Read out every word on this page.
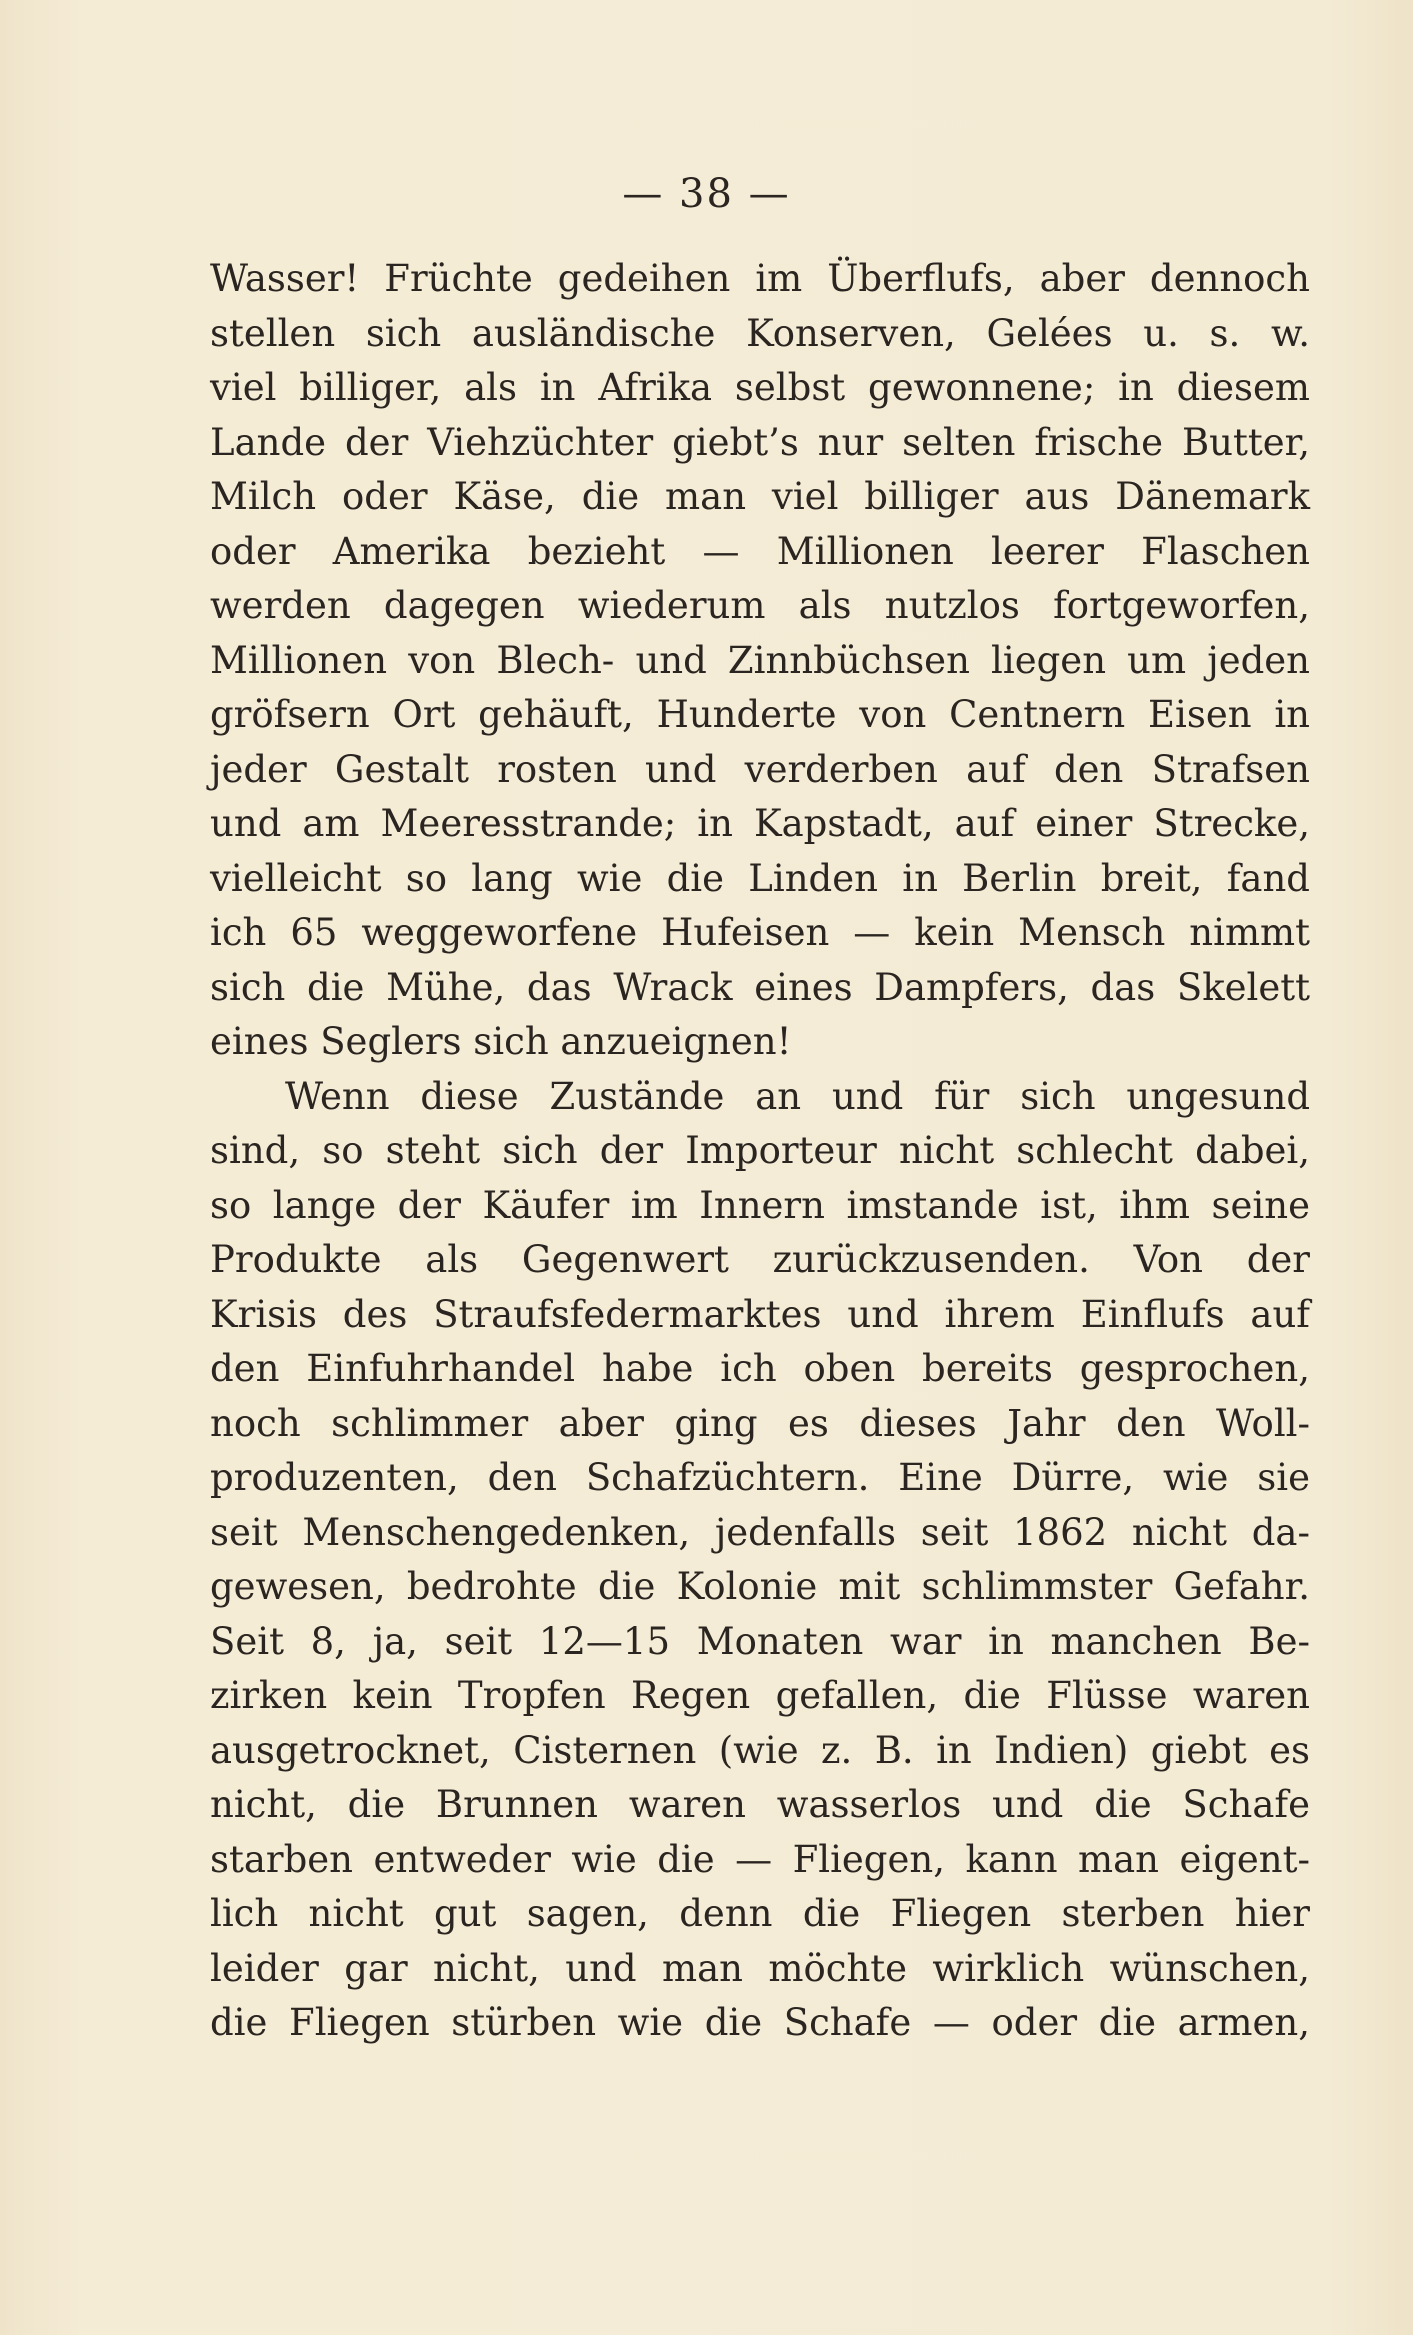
— 38 —
Wasser! Früchte gedeihen im Überflufs, aber dennoch
stellen sich ausländische Konserven, Gelées u. s. w.
viel billiger, als in Afrika selbst gewonnene; in diesem
Lande der Viehzüchter giebt’s nur selten frische Butter,
Milch oder Käse, die man viel billiger aus Dänemark
oder Amerika bezieht — Millionen leerer Flaschen
werden dagegen wiederum als nutzlos fortgeworfen,
Millionen von Blech- und Zinnbüchsen liegen um jeden
gröfsern Ort gehäuft, Hunderte von Centnern Eisen in
jeder Gestalt rosten und verderben auf den Strafsen
und am Meeresstrande; in Kapstadt, auf einer Strecke,
vielleicht so lang wie die Linden in Berlin breit, fand
ich 65 weggeworfene Hufeisen — kein Mensch nimmt
sich die Mühe, das Wrack eines Dampfers, das Skelett
eines Seglers sich anzueignen!
Wenn diese Zustände an und für sich ungesund
sind, so steht sich der Importeur nicht schlecht dabei,
so lange der Käufer im Innern imstande ist, ihm seine
Produkte als Gegenwert zurückzusenden. Von der
Krisis des Straufsfedermarktes und ihrem Einflufs auf
den Einfuhrhandel habe ich oben bereits gesprochen,
noch schlimmer aber ging es dieses Jahr den Woll-
produzenten, den Schafzüchtern. Eine Dürre, wie sie
seit Menschengedenken, jedenfalls seit 1862 nicht da-
gewesen, bedrohte die Kolonie mit schlimmster Gefahr.
Seit 8, ja, seit 12—15 Monaten war in manchen Be-
zirken kein Tropfen Regen gefallen, die Flüsse waren
ausgetrocknet, Cisternen (wie z. B. in Indien) giebt es
nicht, die Brunnen waren wasserlos und die Schafe
starben entweder wie die — Fliegen, kann man eigent-
lich nicht gut sagen, denn die Fliegen sterben hier
leider gar nicht, und man möchte wirklich wünschen,
die Fliegen stürben wie die Schafe — oder die armen,
